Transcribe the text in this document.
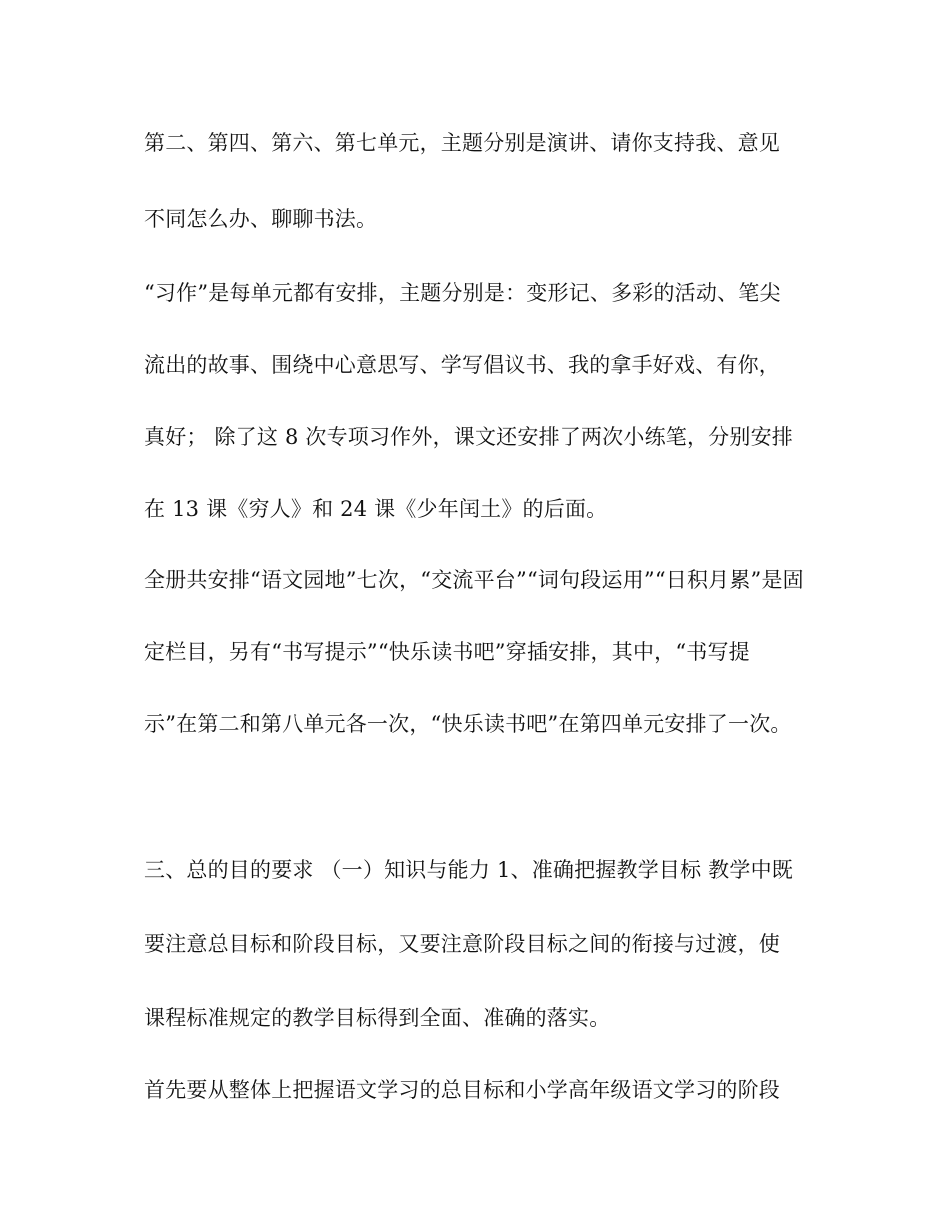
第二、第四、第六、第七单元，主题分别是演讲、请你支持我、意见
不同怎么办、聊聊书法。
“习作”是每单元都有安排，主题分别是：变形记、多彩的活动、笔尖
流出的故事、围绕中心意思写、学写倡议书、我的拿手好戏、有你，
真好； 除了这 8 次专项习作外，课文还安排了两次小练笔，分别安排
在 13 课《穷人》和 24 课《少年闰土》的后面。
全册共安排“语文园地”七次，“交流平台”“词句段运用”“日积月累”是固
定栏目，另有“书写提示”“快乐读书吧”穿插安排，其中，“书写提
示”在第二和第八单元各一次，“快乐读书吧”在第四单元安排了一次。
三、总的目的要求 （一）知识与能力 1、准确把握教学目标 教学中既
要注意总目标和阶段目标，又要注意阶段目标之间的衔接与过渡，使
课程标准规定的教学目标得到全面、准确的落实。
首先要从整体上把握语文学习的总目标和小学高年级语文学习的阶段
